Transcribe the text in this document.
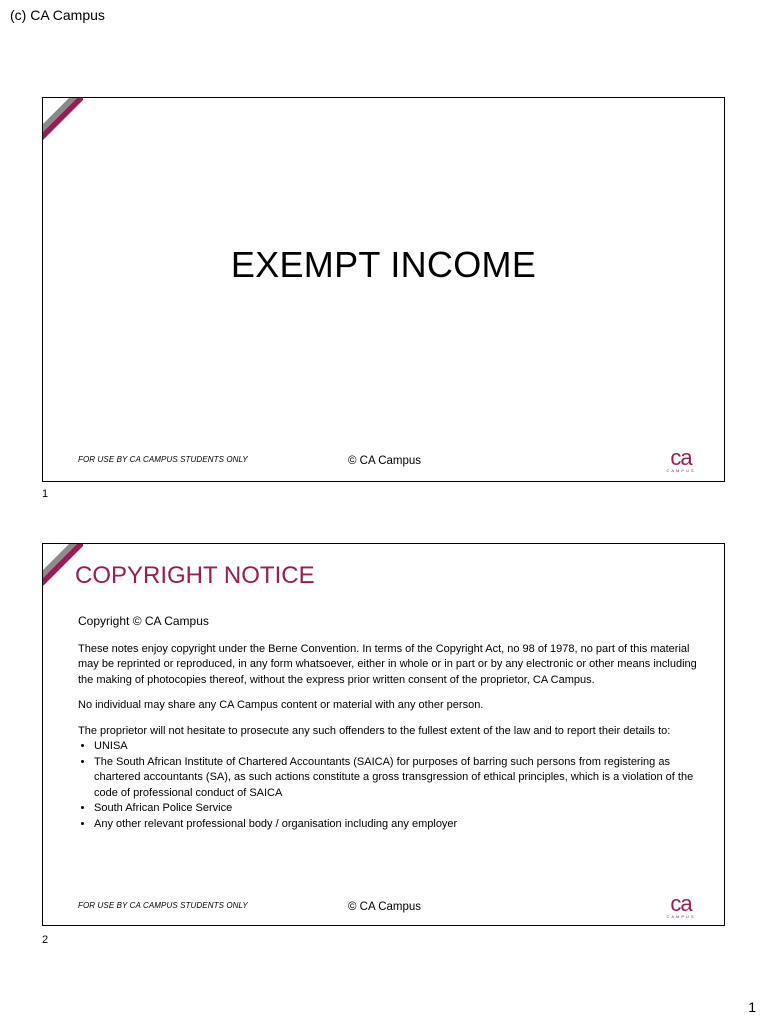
(c) CA Campus
EXEMPT INCOME
FOR USE BY CA CAMPUS STUDENTS ONLY	© CA Campus	ca
CAMPUS
1
COPYRIGHT NOTICE

Copyright © CA Campus

These notes enjoy copyright under the Berne Convention. In terms of the Copyright Act, no 98 of 1978, no part of this material may be reprinted or reproduced, in any form whatsoever, either in whole or in part or by any electronic or other means including the making of photocopies thereof, without the express prior written consent of the proprietor, CA Campus.

No individual may share any CA Campus content or material with any other person.

The proprietor will not hesitate to prosecute any such offenders to the fullest extent of the law and to report their details to:

• UNISA
• The South African Institute of Chartered Accountants (SAICA) for purposes of barring such persons from registering as chartered accountants (SA), as such actions constitute a gross transgression of ethical principles, which is a violation of the code of professional conduct of SAICA
• South African Police Service
• Any other relevant professional body / organisation including any employer
FOR USE BY CA CAMPUS STUDENTS ONLY	© CA Campus	ca
CAMPUS
2
1
